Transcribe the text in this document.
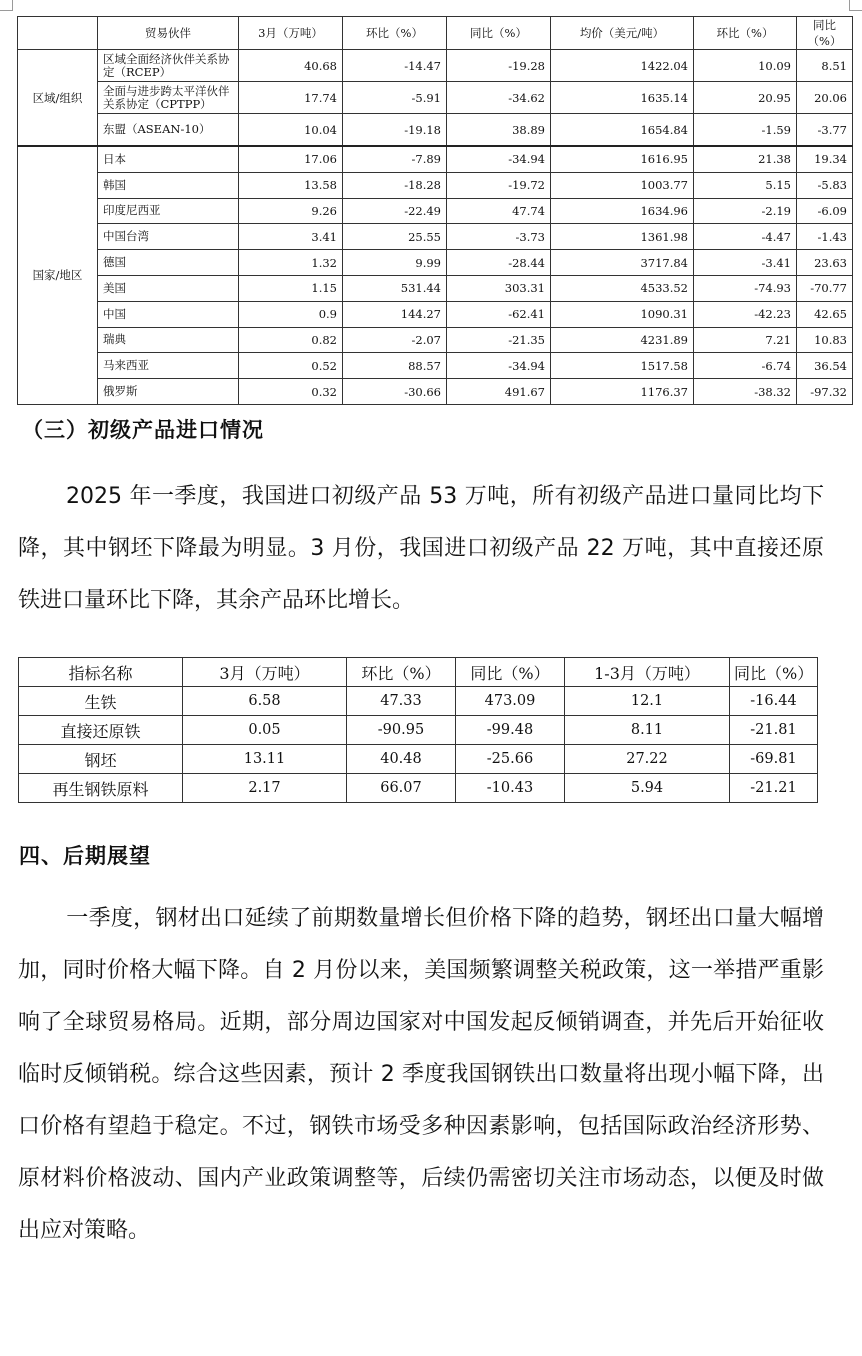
	贸易伙伴	3月（万吨）	环比（%）	同比（%）	均价（美元/吨）	环比（%）	同比（%）
区域/组织	区域全面经济伙伴关系协定（RCEP）	40.68	-14.47	-19.28	1422.04	10.09	8.51
	全面与进步跨太平洋伙伴关系协定（CPTPP）	17.74	-5.91	-34.62	1635.14	20.95	20.06
	东盟（ASEAN-10）	10.04	-19.18	38.89	1654.84	-1.59	-3.77
国家/地区	日本	17.06	-7.89	-34.94	1616.95	21.38	19.34
	韩国	13.58	-18.28	-19.72	1003.77	5.15	-5.83
	印度尼西亚	9.26	-22.49	47.74	1634.96	-2.19	-6.09
	中国台湾	3.41	25.55	-3.73	1361.98	-4.47	-1.43
	德国	1.32	9.99	-28.44	3717.84	-3.41	23.63
	美国	1.15	531.44	303.31	4533.52	-74.93	-70.77
	中国	0.9	144.27	-62.41	1090.31	-42.23	42.65
	瑞典	0.82	-2.07	-21.35	4231.89	7.21	10.83
	马来西亚	0.52	88.57	-34.94	1517.58	-6.74	36.54
	俄罗斯	0.32	-30.66	491.67	1176.37	-38.32	-97.32
（三）初级产品进口情况

2025 年一季度，我国进口初级产品 53 万吨，所有初级产品进口量同比均下降，其中钢坯下降最为明显。3 月份，我国进口初级产品 22 万吨，其中直接还原铁进口量环比下降，其余产品环比增长。

指标名称	3月（万吨）	环比（%）	同比（%）	1-3月（万吨）	同比（%）
生铁	6.58	47.33	473.09	12.1	-16.44
直接还原铁	0.05	-90.95	-99.48	8.11	-21.81
钢坯	13.11	40.48	-25.66	27.22	-69.81
再生钢铁原料	2.17	66.07	-10.43	5.94	-21.21
四、后期展望

一季度，钢材出口延续了前期数量增长但价格下降的趋势，钢坯出口量大幅增加，同时价格大幅下降。自 2 月份以来，美国频繁调整关税政策，这一举措严重影响了全球贸易格局。近期，部分周边国家对中国发起反倾销调查，并先后开始征收临时反倾销税。综合这些因素，预计 2 季度我国钢铁出口数量将出现小幅下降，出口价格有望趋于稳定。不过，钢铁市场受多种因素影响，包括国际政治经济形势、原材料价格波动、国内产业政策调整等，后续仍需密切关注市场动态，以便及时做出应对策略。
